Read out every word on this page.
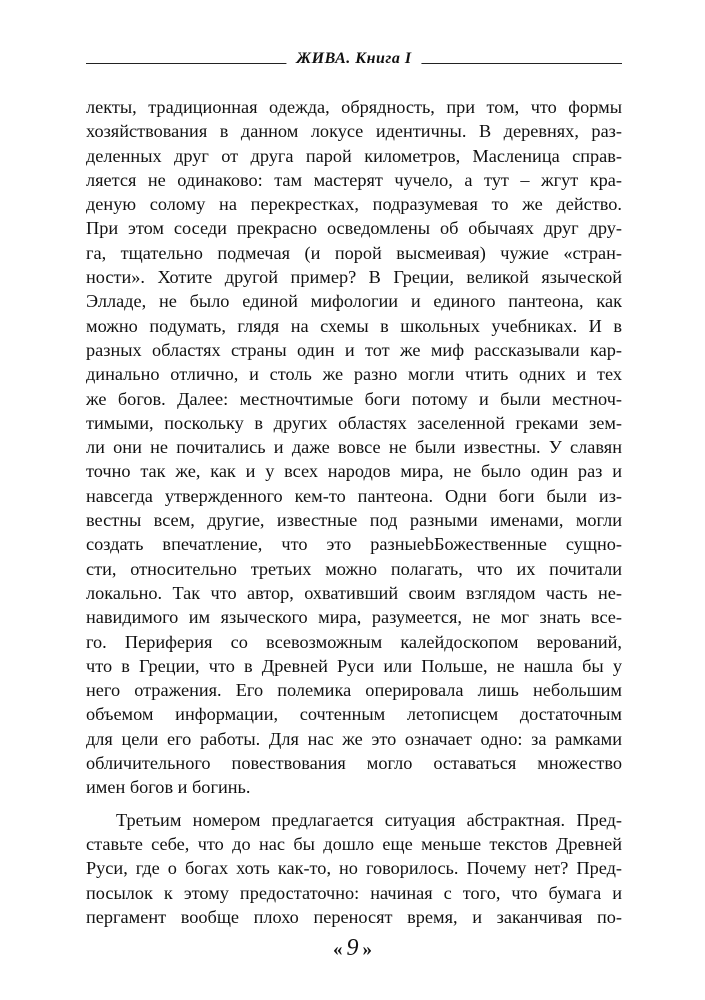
ЖИВА. Книга I
лекты, традиционная одежда, обрядность, при том, что формы
хозяйствования в данном локусе идентичны. В деревнях, раз-
деленных друг от друга парой километров, Масленица справ-
ляется не одинаково: там мастерят чучело, а тут – жгут кра-
деную солому на перекрестках, подразумевая то же действо.
При этом соседи прекрасно осведомлены об обычаях друг дру-
га, тщательно подмечая (и порой высмеивая) чужие «стран-
ности». Хотите другой пример? В Греции, великой языческой
Элладе, не было единой мифологии и единого пантеона, как
можно подумать, глядя на схемы в школьных учебниках. И в
разных областях страны один и тот же миф рассказывали кар-
динально отлично, и столь же разно могли чтить одних и тех
же богов. Далее: местночтимые боги потому и были местноч-
тимыми, поскольку в других областях заселенной греками зем-
ли они не почитались и даже вовсе не были известны. У славян
точно так же, как и у всех народов мира, не было один раз и
навсегда утвержденного кем-то пантеона. Одни боги были из-
вестны всем, другие, известные под разными именами, могли
создать впечатление, что это разныеbБожественные сущно-
сти, относительно третьих можно полагать, что их почитали
локально. Так что автор, охвативший своим взглядом часть не-
навидимого им языческого мира, разумеется, не мог знать все-
го. Периферия со всевозможным калейдоскопом верований,
что в Греции, что в Древней Руси или Польше, не нашла бы у
него отражения. Его полемика оперировала лишь небольшим
объемом информации, сочтенным летописцем достаточным
для цели его работы. Для нас же это означает одно: за рамками
обличительного повествования могло оставаться множество
имен богов и богинь.
Третьим номером предлагается ситуация абстрактная. Пред-
ставьте себе, что до нас бы дошло еще меньше текстов Древней
Руси, где о богах хоть как-то, но говорилось. Почему нет? Пред-
посылок к этому предостаточно: начиная с того, что бумага и
пергамент вообще плохо переносят время, и заканчивая по-
« 9 »
